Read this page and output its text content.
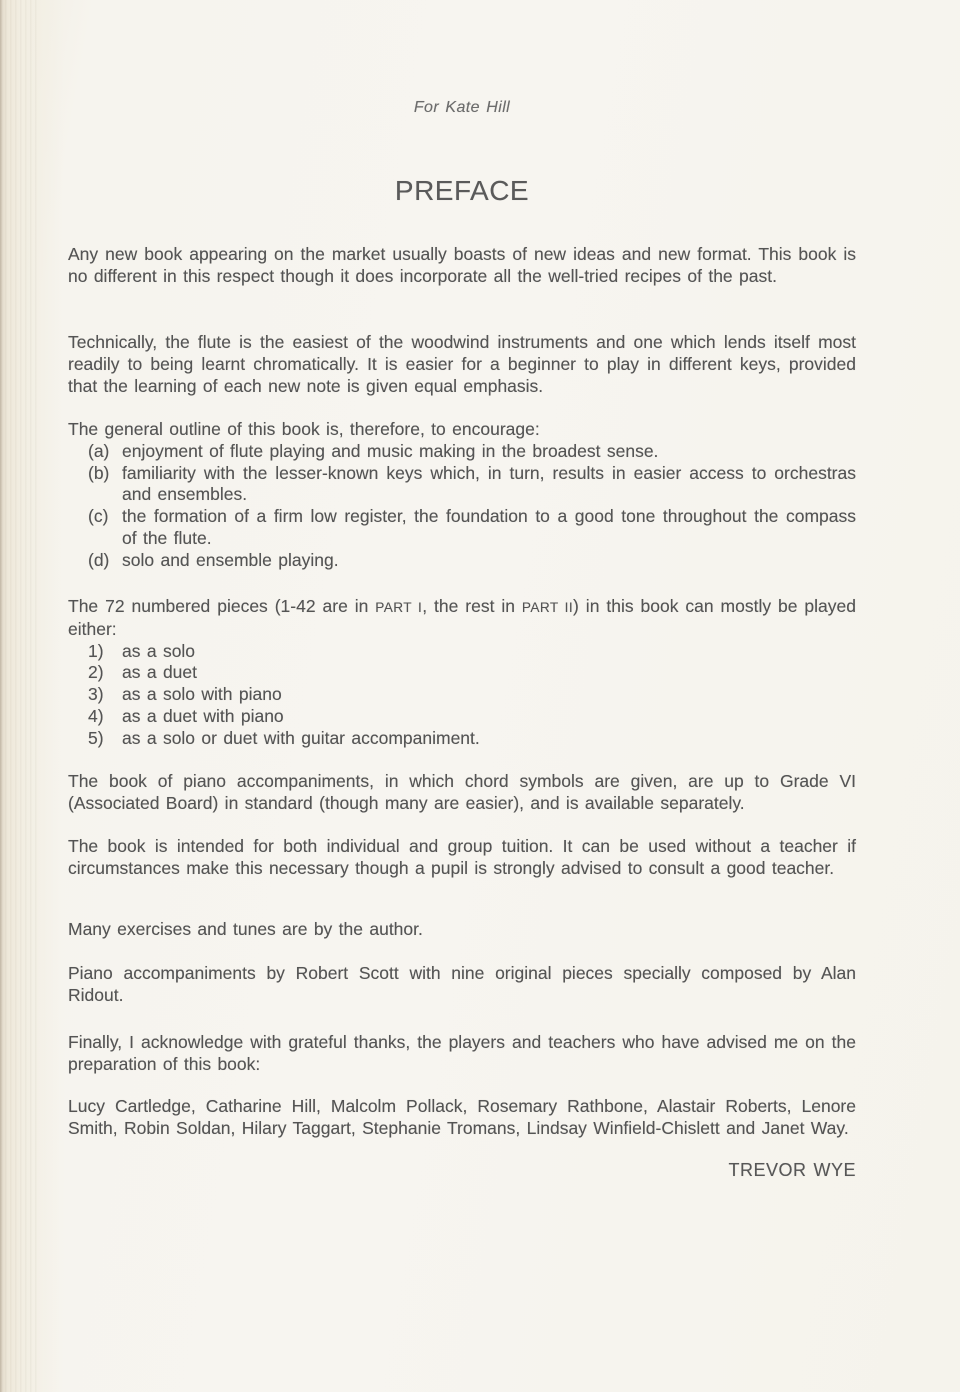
For Kate Hill
PREFACE
Any new book appearing on the market usually boasts of new ideas and new format. This book is no different in this respect though it does incorporate all the well-tried recipes of the past.
Technically, the flute is the easiest of the woodwind instruments and one which lends itself most readily to being learnt chromatically. It is easier for a beginner to play in different keys, provided that the learning of each new note is given equal emphasis.
The general outline of this book is, therefore, to encourage:
(a) enjoyment of flute playing and music making in the broadest sense.
(b) familiarity with the lesser-known keys which, in turn, results in easier access to orchestras and ensembles.
(c) the formation of a firm low register, the foundation to a good tone throughout the compass of the flute.
(d) solo and ensemble playing.
The 72 numbered pieces (1-42 are in PART I, the rest in PART II) in this book can mostly be played either:
1) as a solo
2) as a duet
3) as a solo with piano
4) as a duet with piano
5) as a solo or duet with guitar accompaniment.
The book of piano accompaniments, in which chord symbols are given, are up to Grade VI (Associated Board) in standard (though many are easier), and is available separately.
The book is intended for both individual and group tuition. It can be used without a teacher if circumstances make this necessary though a pupil is strongly advised to consult a good teacher.
Many exercises and tunes are by the author.
Piano accompaniments by Robert Scott with nine original pieces specially composed by Alan Ridout.
Finally, I acknowledge with grateful thanks, the players and teachers who have advised me on the preparation of this book:
Lucy Cartledge, Catharine Hill, Malcolm Pollack, Rosemary Rathbone, Alastair Roberts, Lenore Smith, Robin Soldan, Hilary Taggart, Stephanie Tromans, Lindsay Winfield-Chislett and Janet Way.
TREVOR WYE
